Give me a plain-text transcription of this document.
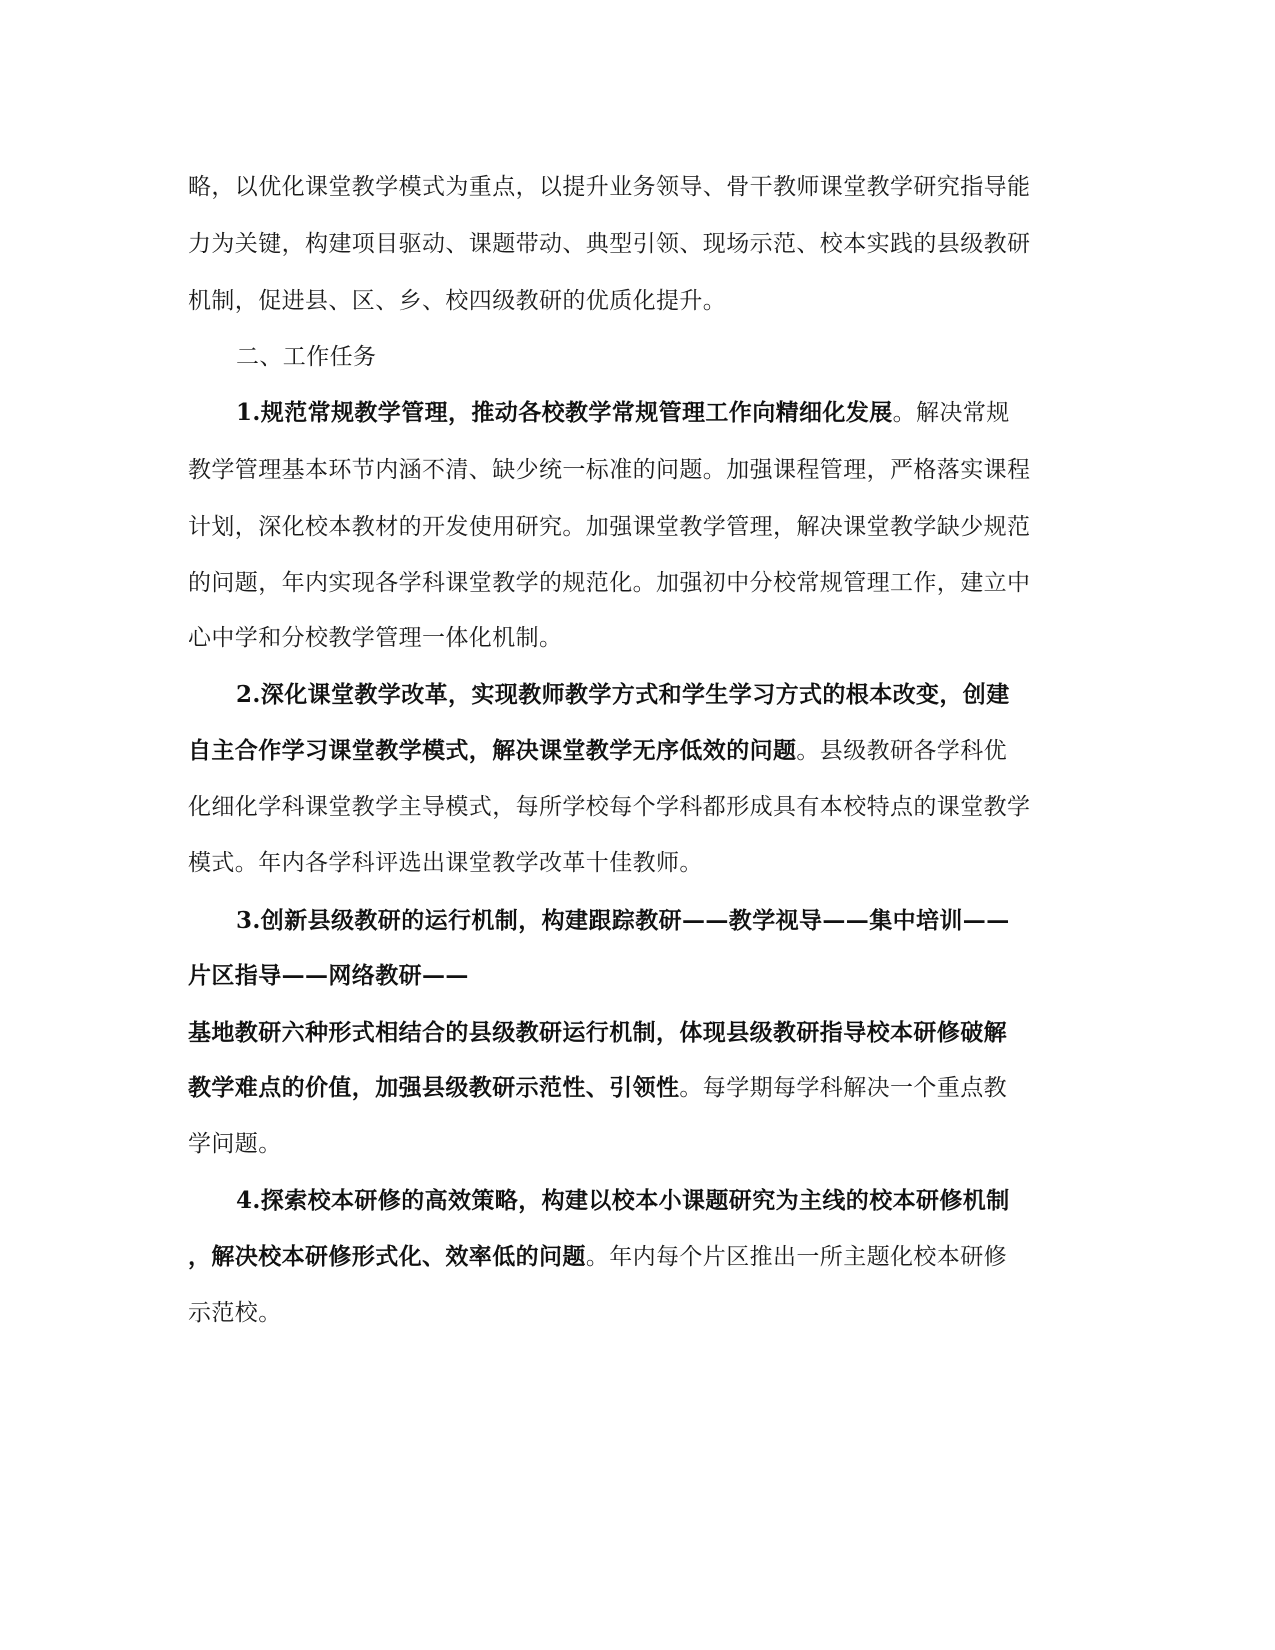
略，以优化课堂教学模式为重点，以提升业务领导、骨干教师课堂教学研究指导能
力为关键，构建项目驱动、课题带动、典型引领、现场示范、校本实践的县级教研
机制，促进县、区、乡、校四级教研的优质化提升。
二、工作任务
1.规范常规教学管理，推动各校教学常规管理工作向精细化发展。解决常规
教学管理基本环节内涵不清、缺少统一标准的问题。加强课程管理，严格落实课程
计划，深化校本教材的开发使用研究。加强课堂教学管理，解决课堂教学缺少规范
的问题，年内实现各学科课堂教学的规范化。加强初中分校常规管理工作，建立中
心中学和分校教学管理一体化机制。
2.深化课堂教学改革，实现教师教学方式和学生学习方式的根本改变，创建
自主合作学习课堂教学模式，解决课堂教学无序低效的问题。县级教研各学科优
化细化学科课堂教学主导模式，每所学校每个学科都形成具有本校特点的课堂教学
模式。年内各学科评选出课堂教学改革十佳教师。
3.创新县级教研的运行机制，构建跟踪教研——教学视导——集中培训——
片区指导——网络教研——
基地教研六种形式相结合的县级教研运行机制，体现县级教研指导校本研修破解
教学难点的价值，加强县级教研示范性、引领性。每学期每学科解决一个重点教
学问题。
4.探索校本研修的高效策略，构建以校本小课题研究为主线的校本研修机制
，解决校本研修形式化、效率低的问题。年内每个片区推出一所主题化校本研修
示范校。
